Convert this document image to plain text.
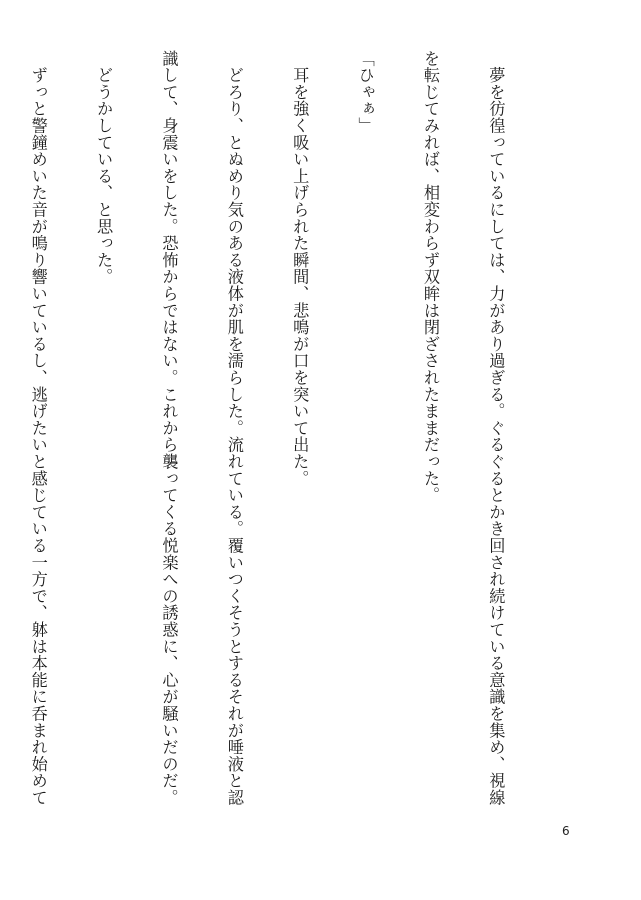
　夢を彷徨っているにしては、力があり過ぎる。ぐるぐるとかき回され続けている意識を集め、視線

を転じてみれば、相変わらず双眸は閉ざされたままだった。

「ひゃぁ」

　耳を強く吸い上げられた瞬間、悲鳴が口を突いて出た。

　どろり、とぬめり気のある液体が肌を濡らした。流れている。覆いつくそうとするそれが唾液と認

識して、身震いをした。恐怖からではない。これから襲ってくる悦楽への誘惑に、心が騒いだのだ。

　どうかしている、と思った。

　ずっと警鐘めいた音が鳴り響いているし、逃げたいと感じている一方で、躰は本能に呑まれ始めて

6
